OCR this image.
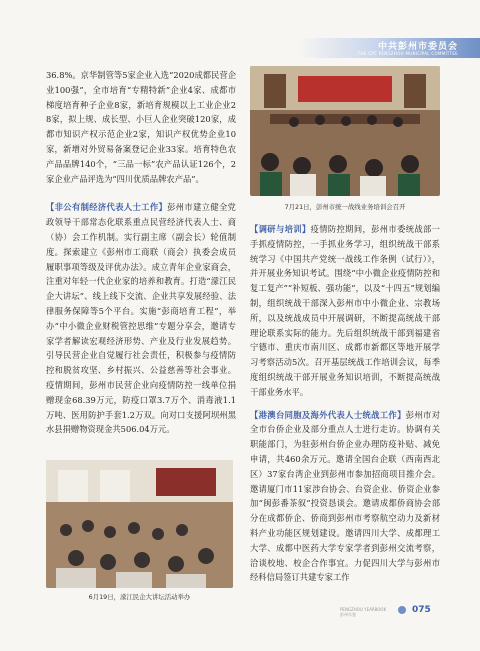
中共彭州市委员会
THE CPC PENGZHOU MUNICIPAL COMMITTEE

36.8%。京华制管等5家企业入选“2020成都民营企业100强”，全市培育“专精特新”企业4家、成都市梯度培育种子企业8家，新培育规模以上工业企业28家，拟上规、成长型、小巨人企业突破120家，成都市知识产权示范企业2家，知识产权优势企业10家，新增对外贸易备案登记企业33家。培育特色农产品品牌140个，“三品一标”农产品认证126个，2家企业产品评选为“四川优质品牌农产品”。

【非公有制经济代表人士工作】彭州市建立健全党政领导干部常态化联系重点民营经济代表人士、商（协）会工作机制。实行副主席（副会长）轮值制度。探索建立《彭州市工商联（商会）执委会成员履职事项等级及评优办法》。成立青年企业家商会，注重对年轻一代企业家的培养和教育。打造“濛江民企大讲坛”、线上线下交流、企业共享发展经验、法律服务保障等5个平台。实施“彭商培育工程”，举办“中小微企业财税管控思维”专题分享会，邀请专家学者解读宏观经济形势、产业及行业发展趋势。引导民营企业自觉履行社会责任，积极参与疫情防控和脱贫攻坚、乡村振兴、公益慈善等社会事业。疫情期间，彭州市民营企业向疫情防控一线单位捐赠现金68.39万元，防疫口罩3.7万个、消毒液1.1万吨、医用防护手套1.2万双。向对口支援阿坝州黑水县捐赠物资现金共506.04万元。

6月19日，濛江民企大讲坛活动举办
7月21日，彭州市统一战线业务培训会召开

【调研与培训】疫情防控期间，彭州市委统战部一手抓疫情防控，一手抓业务学习，组织统战干部系统学习《中国共产党统一战线工作条例（试行）》，并开展业务知识考试。围绕“中小微企业疫情防控和复工复产”“补短板、强功能”，以及“十四五”规划编制，组织统战干部深入彭州市中小微企业、宗教场所，以及统战成员中开展调研，不断提高统战干部理论联系实际的能力。先后组织统战干部到福建省宁德市、重庆市南川区、成都市新都区等地开展学习考察活动5次。召开基层统战工作培训会议，每季度组织统战干部开展业务知识培训，不断提高统战干部业务水平。

【港澳台同胞及海外代表人士统战工作】彭州市对全市台侨企业及部分重点人士进行走访。协调有关职能部门，为驻彭州台侨企业办理防疫补贴、减免申请，共460余万元。邀请全国台企联（西南西北区）37家台湾企业到彭州市参加招商项目推介会。邀请厦门市11家涉台协会、台资企业、侨资企业参加“闽彭番茶叙”投资恳谈会。邀请成都侨商协会部分在成都侨企、侨商到彭州市考察航空动力及新材料产业功能区规划建设。邀请四川大学、成都理工大学、成都中医药大学专家学者到彭州交流考察，洽谈校地、校企合作事宜。力促四川大学与彭州市经科信局签订共建专家工作

PENGZHOU YEARBOOK
彭州年鉴	075
